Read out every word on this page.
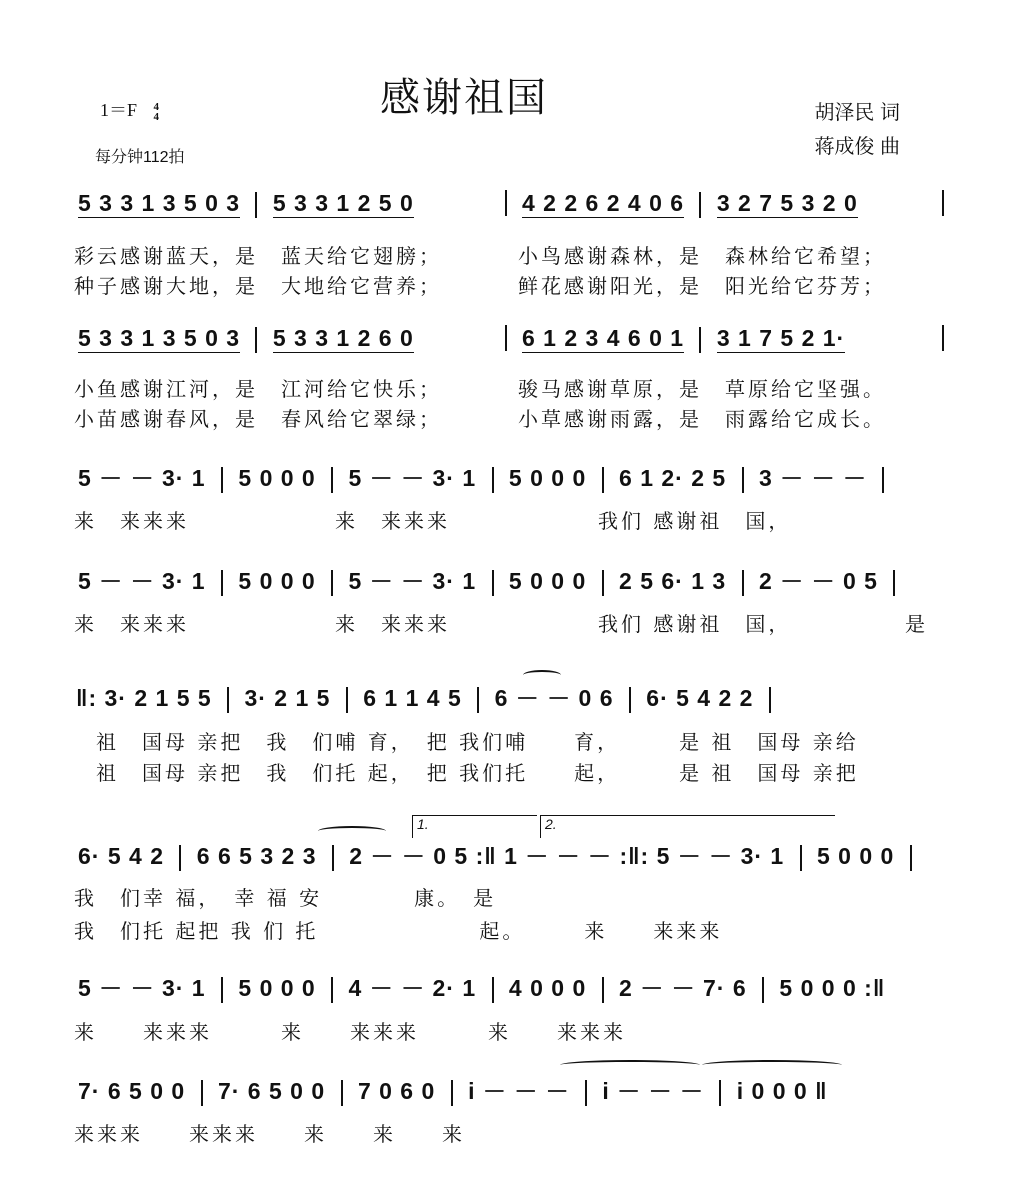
感谢祖国
1＝F 4
4
每分钟112拍
胡泽民 词
蒋成俊 曲
5 3 3 1 3 5 0 3 5 3 3 1 2 5 0	4 2 2 6 2 4 0 6 3 2 7 5 3 2 0
彩云感谢蓝天，是　蓝天给它翅膀；	小鸟感谢森林，是　森林给它希望；
种子感谢大地，是　大地给它营养；	鲜花感谢阳光，是　阳光给它芬芳；
5 3 3 1 3 5 0 3 5 3 3 1 2 6 0	6 1 2 3 4 6 0 1 3 1 7 5 2 1·
小鱼感谢江河，是　江河给它快乐；	骏马感谢草原，是　草原给它坚强。
小苗感谢春风，是　春风给它翠绿；	小草感谢雨露，是　雨露给它成长。
5 － － 3· 1 5 0 0 0 5 － － 3· 1 5 0 0 0 6 1 2· 2 5 3 － － －
来　来来来	来　来来来	我们 感谢祖　国，
5 － － 3· 1 5 0 0 0 5 － － 3· 1 5 0 0 0 2 5 6· 1 3 2 － － 0 5
来　来来来	来　来来来	我们 感谢祖　国，	是
‖: 3· 2 1 5 5 3· 2 1 5 6 1 1 4 5 6 － － 0 6 6· 5 4 2 2
祖　国母 亲把　我　们哺 育，　把 我们哺　　育，　　　是 祖　国母 亲给
祖　国母 亲把　我　们托 起，　把 我们托　　起，　　　是 祖　国母 亲把
1.	2.
6· 5 4 2 6 6 5 3 2 3 2 － － 0 5 :‖ 1 － － － :‖: 5 － － 3· 1 5 0 0 0
我　们幸 福，　幸 福 安　　　　康。　是
我　们托 起把 我 们 托　　　　　　　起。　　　来　　来来来
5 － － 3· 1 5 0 0 0 4 － － 2· 1 4 0 0 0 2 － － 7· 6 5 0 0 0 :‖
来　　来来来　　　来　　来来来　　　来　　来来来
7· 6 5 0 0 7· 6 5 0 0 7 0 6 0 i － － － i － － － i 0 0 0 ‖
来来来　　来来来　　来　　来　　来
